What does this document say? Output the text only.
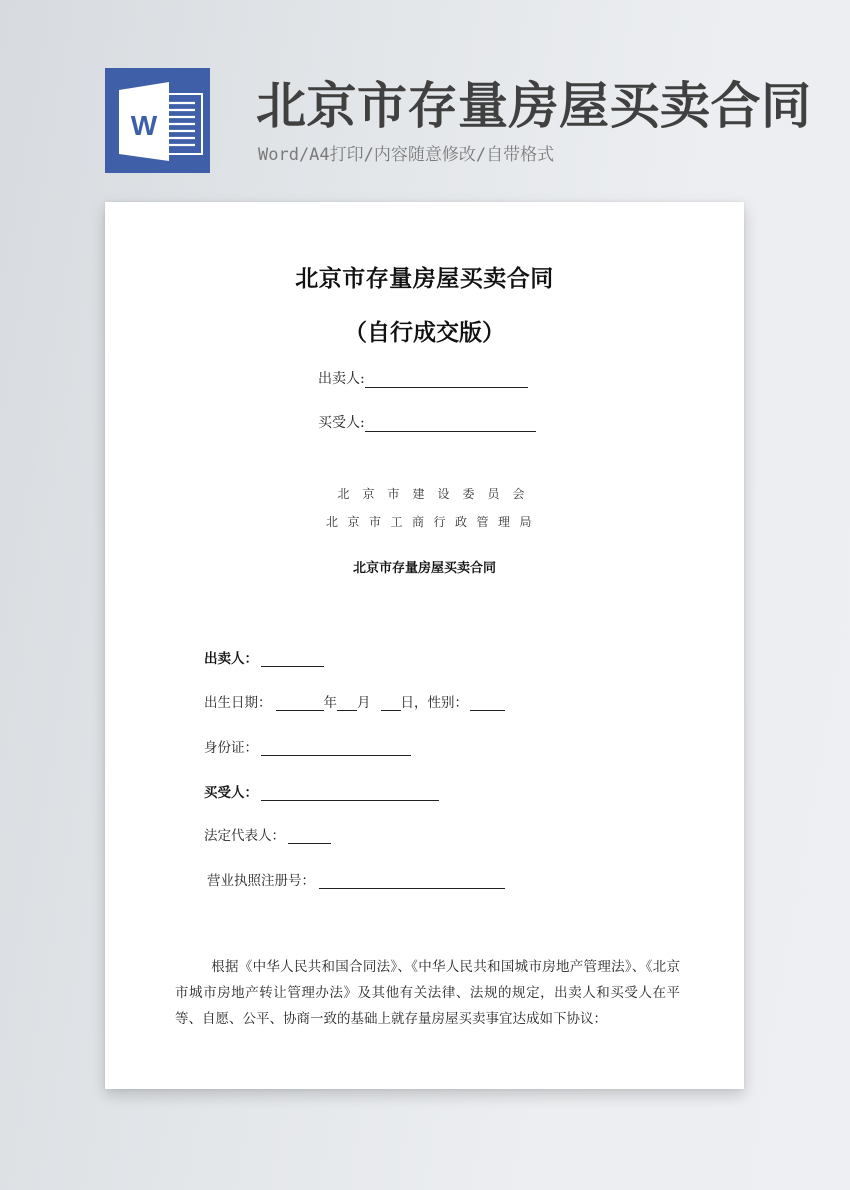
W 北京市存量房屋买卖合同
Word/A4打印/内容随意修改/自带格式
北京市存量房屋买卖合同
（自行成交版）
出卖人:
买受人:
北京市建设委员会
北京市工商行政管理局
北京市存量房屋买卖合同
出卖人：
出生日期：	年 月 日， 性别：
身份证：
买受人：
法定代表人：
营业执照注册号：
根据《中华人民共和国合同法》、《中华人民共和国城市房地产管理法》、《北京市城市房地产转让管理办法》及其他有关法律、法规的规定，出卖人和买受人在平等、自愿、公平、协商一致的基础上就存量房屋买卖事宜达成如下协议：
